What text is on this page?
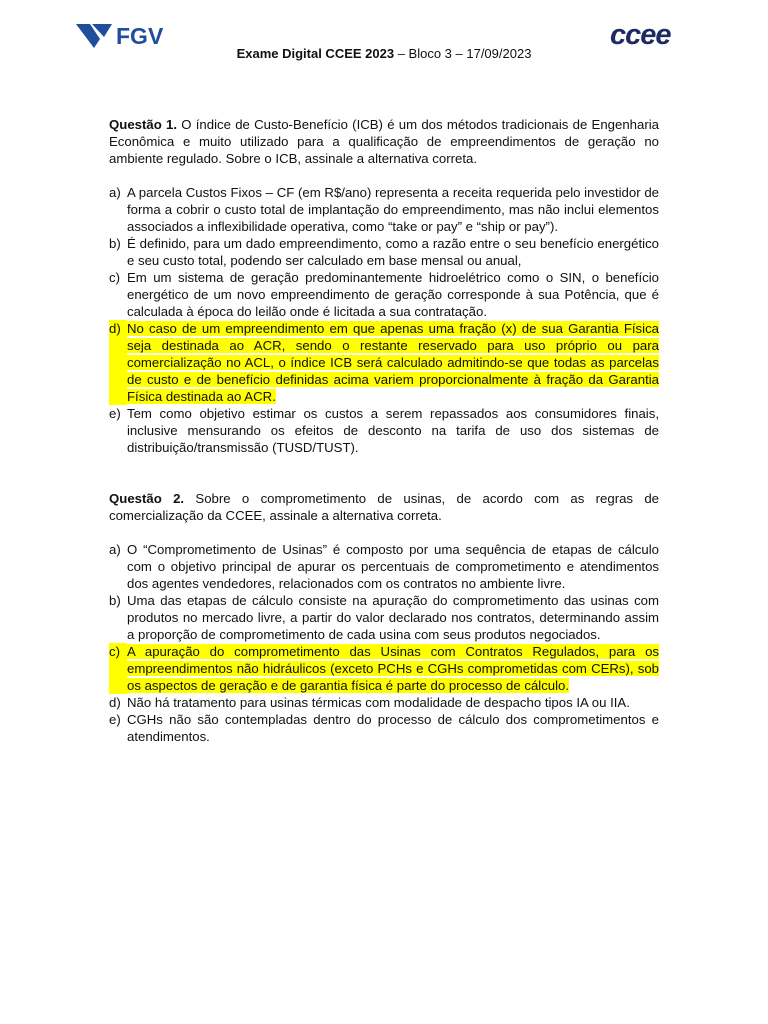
FGV	ccee
Exame Digital CCEE 2023 – Bloco 3 – 17/09/2023

Questão 1. O índice de Custo-Benefício (ICB) é um dos métodos tradicionais de Engenharia Econômica e muito utilizado para a qualificação de empreendimentos de geração no ambiente regulado. Sobre o ICB, assinale a alternativa correta.

a) A parcela Custos Fixos – CF (em R$/ano) representa a receita requerida pelo investidor de forma a cobrir o custo total de implantação do empreendimento, mas não inclui elementos associados a inflexibilidade operativa, como “take or pay” e “ship or pay”).
b) É definido, para um dado empreendimento, como a razão entre o seu benefício energético e seu custo total, podendo ser calculado em base mensal ou anual,
c) Em um sistema de geração predominantemente hidroelétrico como o SIN, o benefício energético de um novo empreendimento de geração corresponde à sua Potência, que é calculada à época do leilão onde é licitada a sua contratação.
d) No caso de um empreendimento em que apenas uma fração (x) de sua Garantia Física seja destinada ao ACR, sendo o restante reservado para uso próprio ou para comercialização no ACL, o índice ICB será calculado admitindo-se que todas as parcelas de custo e de benefício definidas acima variem proporcionalmente à fração da Garantia Física destinada ao ACR.
e) Tem como objetivo estimar os custos a serem repassados aos consumidores finais, inclusive mensurando os efeitos de desconto na tarifa de uso dos sistemas de distribuição/transmissão (TUSD/TUST).

Questão 2. Sobre o comprometimento de usinas, de acordo com as regras de comercialização da CCEE, assinale a alternativa correta.

a) O “Comprometimento de Usinas” é composto por uma sequência de etapas de cálculo com o objetivo principal de apurar os percentuais de comprometimento e atendimentos dos agentes vendedores, relacionados com os contratos no ambiente livre.
b) Uma das etapas de cálculo consiste na apuração do comprometimento das usinas com produtos no mercado livre, a partir do valor declarado nos contratos, determinando assim a proporção de comprometimento de cada usina com seus produtos negociados.
c) A apuração do comprometimento das Usinas com Contratos Regulados, para os empreendimentos não hidráulicos (exceto PCHs e CGHs comprometidas com CERs), sob os aspectos de geração e de garantia física é parte do processo de cálculo.
d) Não há tratamento para usinas térmicas com modalidade de despacho tipos IA ou IIA.
e) CGHs não são contempladas dentro do processo de cálculo dos comprometimentos e atendimentos.
